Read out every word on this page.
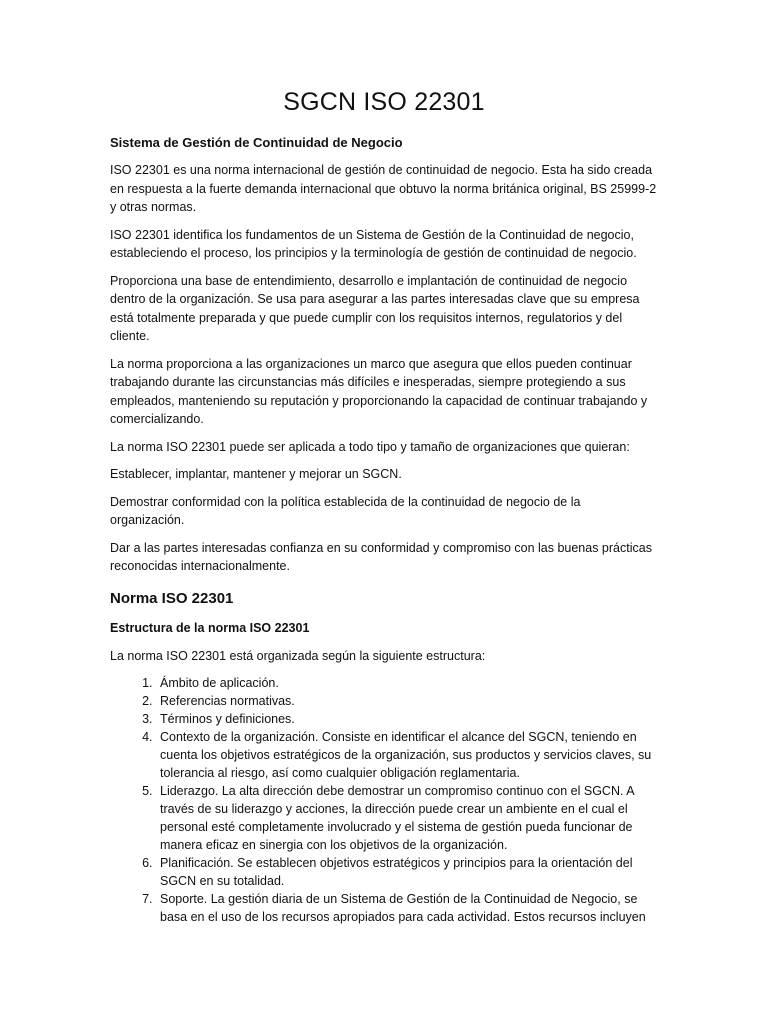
SGCN ISO 22301
Sistema de Gestión de Continuidad de Negocio

ISO 22301 es una norma internacional de gestión de continuidad de negocio. Esta ha sido creada en respuesta a la fuerte demanda internacional que obtuvo la norma británica original, BS 25999-2 y otras normas.

ISO 22301 identifica los fundamentos de un Sistema de Gestión de la Continuidad de negocio, estableciendo el proceso, los principios y la terminología de gestión de continuidad de negocio.

Proporciona una base de entendimiento, desarrollo e implantación de continuidad de negocio dentro de la organización. Se usa para asegurar a las partes interesadas clave que su empresa está totalmente preparada y que puede cumplir con los requisitos internos, regulatorios y del cliente.

La norma proporciona a las organizaciones un marco que asegura que ellos pueden continuar trabajando durante las circunstancias más difíciles e inesperadas, siempre protegiendo a sus empleados, manteniendo su reputación y proporcionando la capacidad de continuar trabajando y comercializando.

La norma ISO 22301 puede ser aplicada a todo tipo y tamaño de organizaciones que quieran:

Establecer, implantar, mantener y mejorar un SGCN.

Demostrar conformidad con la política establecida de la continuidad de negocio de la organización.

Dar a las partes interesadas confianza en su conformidad y compromiso con las buenas prácticas reconocidas internacionalmente.

Norma ISO 22301
Estructura de la norma ISO 22301

La norma ISO 22301 está organizada según la siguiente estructura:

1. Ámbito de aplicación.
2. Referencias normativas.
3. Términos y definiciones.
4. Contexto de la organización. Consiste en identificar el alcance del SGCN, teniendo en cuenta los objetivos estratégicos de la organización, sus productos y servicios claves, su tolerancia al riesgo, así como cualquier obligación reglamentaria.
5. Liderazgo. La alta dirección debe demostrar un compromiso continuo con el SGCN. A través de su liderazgo y acciones, la dirección puede crear un ambiente en el cual el personal esté completamente involucrado y el sistema de gestión pueda funcionar de manera eficaz en sinergia con los objetivos de la organización.
6. Planificación. Se establecen objetivos estratégicos y principios para la orientación del SGCN en su totalidad.
7. Soporte. La gestión diaria de un Sistema de Gestión de la Continuidad de Negocio, se basa en el uso de los recursos apropiados para cada actividad. Estos recursos incluyen
